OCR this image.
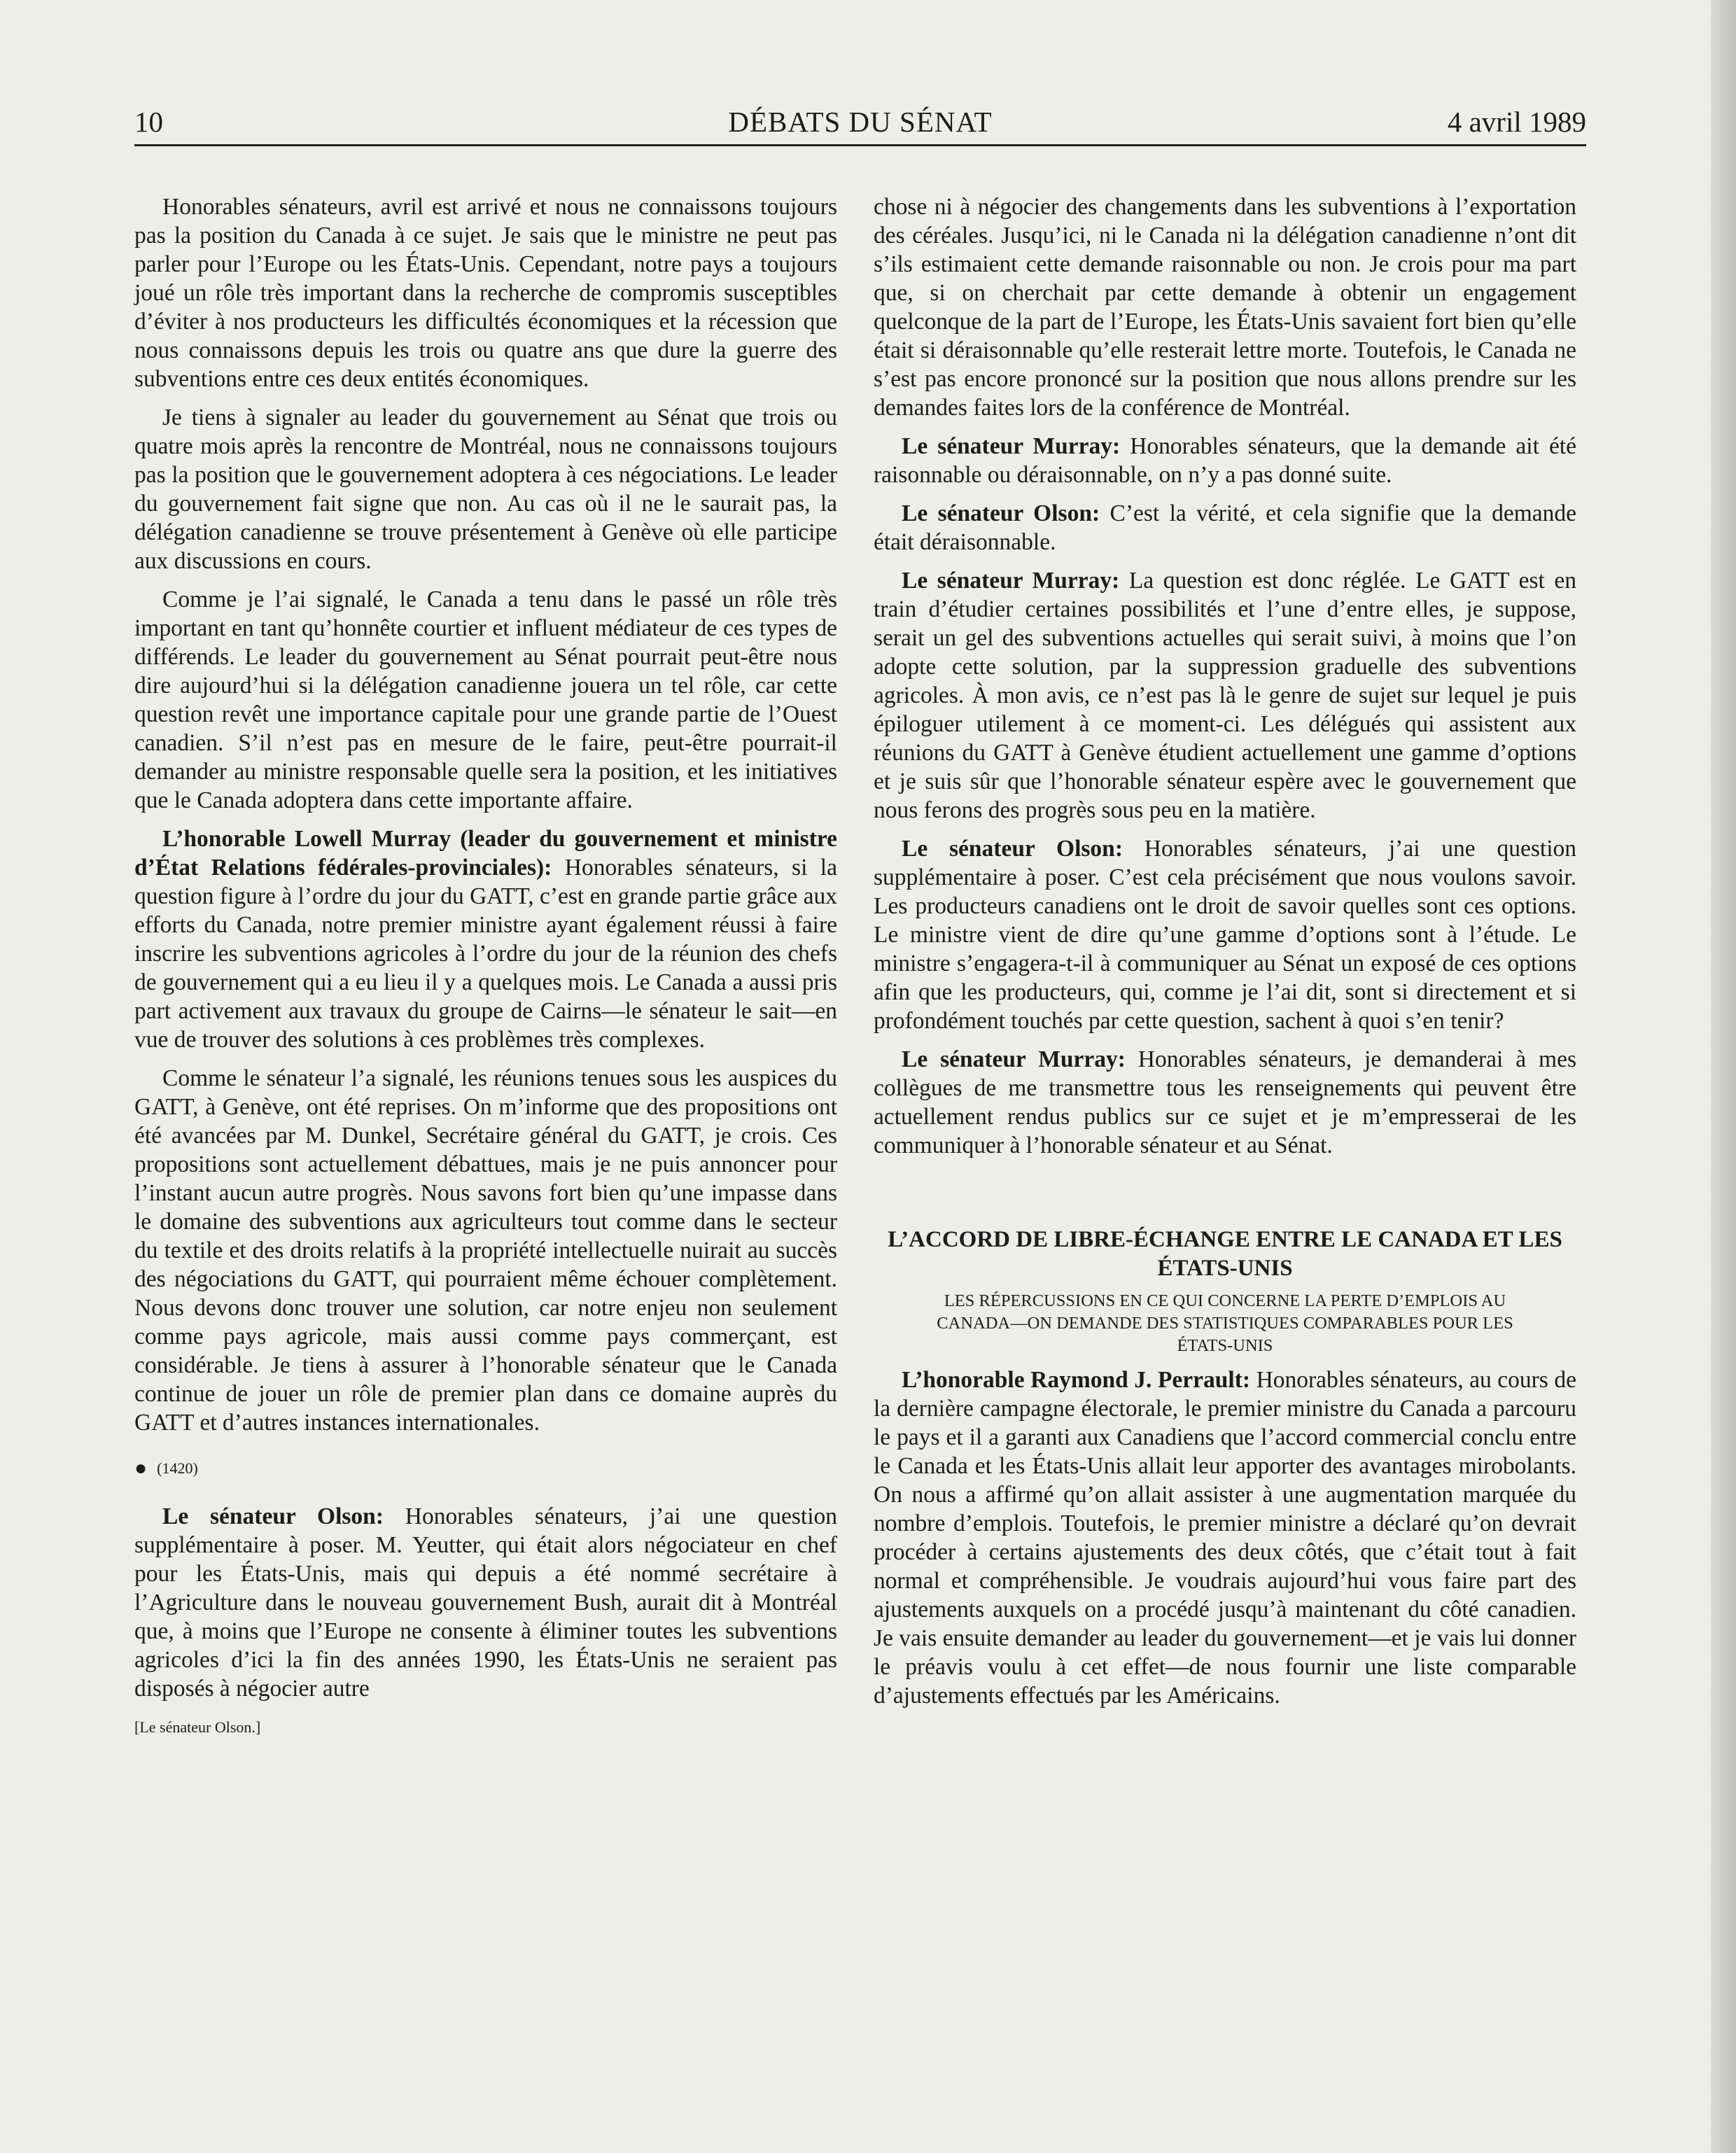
10	DÉBATS DU SÉNAT	4 avril 1989

Honorables sénateurs, avril est arrivé et nous ne connaissons toujours pas la position du Canada à ce sujet. Je sais que le ministre ne peut pas parler pour l’Europe ou les États-Unis. Cependant, notre pays a toujours joué un rôle très important dans la recherche de compromis susceptibles d’éviter à nos producteurs les difficultés économiques et la récession que nous connaissons depuis les trois ou quatre ans que dure la guerre des subventions entre ces deux entités économiques.

Je tiens à signaler au leader du gouvernement au Sénat que trois ou quatre mois après la rencontre de Montréal, nous ne connaissons toujours pas la position que le gouvernement adoptera à ces négociations. Le leader du gouvernement fait signe que non. Au cas où il ne le saurait pas, la délégation canadienne se trouve présentement à Genève où elle participe aux discussions en cours.

Comme je l’ai signalé, le Canada a tenu dans le passé un rôle très important en tant qu’honnête courtier et influent médiateur de ces types de différends. Le leader du gouvernement au Sénat pourrait peut-être nous dire aujourd’hui si la délégation canadienne jouera un tel rôle, car cette question revêt une importance capitale pour une grande partie de l’Ouest canadien. S’il n’est pas en mesure de le faire, peut-être pourrait-il demander au ministre responsable quelle sera la position, et les initiatives que le Canada adoptera dans cette importante affaire.

L’honorable Lowell Murray (leader du gouvernement et ministre d’État Relations fédérales-provinciales): Honorables sénateurs, si la question figure à l’ordre du jour du GATT, c’est en grande partie grâce aux efforts du Canada, notre premier ministre ayant également réussi à faire inscrire les subventions agricoles à l’ordre du jour de la réunion des chefs de gouvernement qui a eu lieu il y a quelques mois. Le Canada a aussi pris part activement aux travaux du groupe de Cairns—le sénateur le sait—en vue de trouver des solutions à ces problèmes très complexes.

Comme le sénateur l’a signalé, les réunions tenues sous les auspices du GATT, à Genève, ont été reprises. On m’informe que des propositions ont été avancées par M. Dunkel, Secrétaire général du GATT, je crois. Ces propositions sont actuellement débattues, mais je ne puis annoncer pour l’instant aucun autre progrès. Nous savons fort bien qu’une impasse dans le domaine des subventions aux agriculteurs tout comme dans le secteur du textile et des droits relatifs à la propriété intellectuelle nuirait au succès des négociations du GATT, qui pourraient même échouer complètement. Nous devons donc trouver une solution, car notre enjeu non seulement comme pays agricole, mais aussi comme pays commerçant, est considérable. Je tiens à assurer à l’honorable sénateur que le Canada continue de jouer un rôle de premier plan dans ce domaine auprès du GATT et d’autres instances internationales.

● (1420)

Le sénateur Olson: Honorables sénateurs, j’ai une question supplémentaire à poser. M. Yeutter, qui était alors négociateur en chef pour les États-Unis, mais qui depuis a été nommé secrétaire à l’Agriculture dans le nouveau gouvernement Bush, aurait dit à Montréal que, à moins que l’Europe ne consente à éliminer toutes les subventions agricoles d’ici la fin des années 1990, les États-Unis ne seraient pas disposés à négocier autre

[Le sénateur Olson.]

chose ni à négocier des changements dans les subventions à l’exportation des céréales. Jusqu’ici, ni le Canada ni la délégation canadienne n’ont dit s’ils estimaient cette demande raisonnable ou non. Je crois pour ma part que, si on cherchait par cette demande à obtenir un engagement quelconque de la part de l’Europe, les États-Unis savaient fort bien qu’elle était si déraisonnable qu’elle resterait lettre morte. Toutefois, le Canada ne s’est pas encore prononcé sur la position que nous allons prendre sur les demandes faites lors de la conférence de Montréal.

Le sénateur Murray: Honorables sénateurs, que la demande ait été raisonnable ou déraisonnable, on n’y a pas donné suite.

Le sénateur Olson: C’est la vérité, et cela signifie que la demande était déraisonnable.

Le sénateur Murray: La question est donc réglée. Le GATT est en train d’étudier certaines possibilités et l’une d’entre elles, je suppose, serait un gel des subventions actuelles qui serait suivi, à moins que l’on adopte cette solution, par la suppression graduelle des subventions agricoles. À mon avis, ce n’est pas là le genre de sujet sur lequel je puis épiloguer utilement à ce moment-ci. Les délégués qui assistent aux réunions du GATT à Genève étudient actuellement une gamme d’options et je suis sûr que l’honorable sénateur espère avec le gouvernement que nous ferons des progrès sous peu en la matière.

Le sénateur Olson: Honorables sénateurs, j’ai une question supplémentaire à poser. C’est cela précisément que nous voulons savoir. Les producteurs canadiens ont le droit de savoir quelles sont ces options. Le ministre vient de dire qu’une gamme d’options sont à l’étude. Le ministre s’engagera-t-il à communiquer au Sénat un exposé de ces options afin que les producteurs, qui, comme je l’ai dit, sont si directement et si profondément touchés par cette question, sachent à quoi s’en tenir?

Le sénateur Murray: Honorables sénateurs, je demanderai à mes collègues de me transmettre tous les renseignements qui peuvent être actuellement rendus publics sur ce sujet et je m’empresserai de les communiquer à l’honorable sénateur et au Sénat.

L’ACCORD DE LIBRE-ÉCHANGE ENTRE LE CANADA ET LES ÉTATS-UNIS
LES RÉPERCUSSIONS EN CE QUI CONCERNE LA PERTE D’EMPLOIS AU CANADA—ON DEMANDE DES STATISTIQUES COMPARABLES POUR LES ÉTATS-UNIS

L’honorable Raymond J. Perrault: Honorables sénateurs, au cours de la dernière campagne électorale, le premier ministre du Canada a parcouru le pays et il a garanti aux Canadiens que l’accord commercial conclu entre le Canada et les États-Unis allait leur apporter des avantages mirobolants. On nous a affirmé qu’on allait assister à une augmentation marquée du nombre d’emplois. Toutefois, le premier ministre a déclaré qu’on devrait procéder à certains ajustements des deux côtés, que c’était tout à fait normal et compréhensible. Je voudrais aujourd’hui vous faire part des ajustements auxquels on a procédé jusqu’à maintenant du côté canadien. Je vais ensuite demander au leader du gouvernement—et je vais lui donner le préavis voulu à cet effet—de nous fournir une liste comparable d’ajustements effectués par les Américains.
